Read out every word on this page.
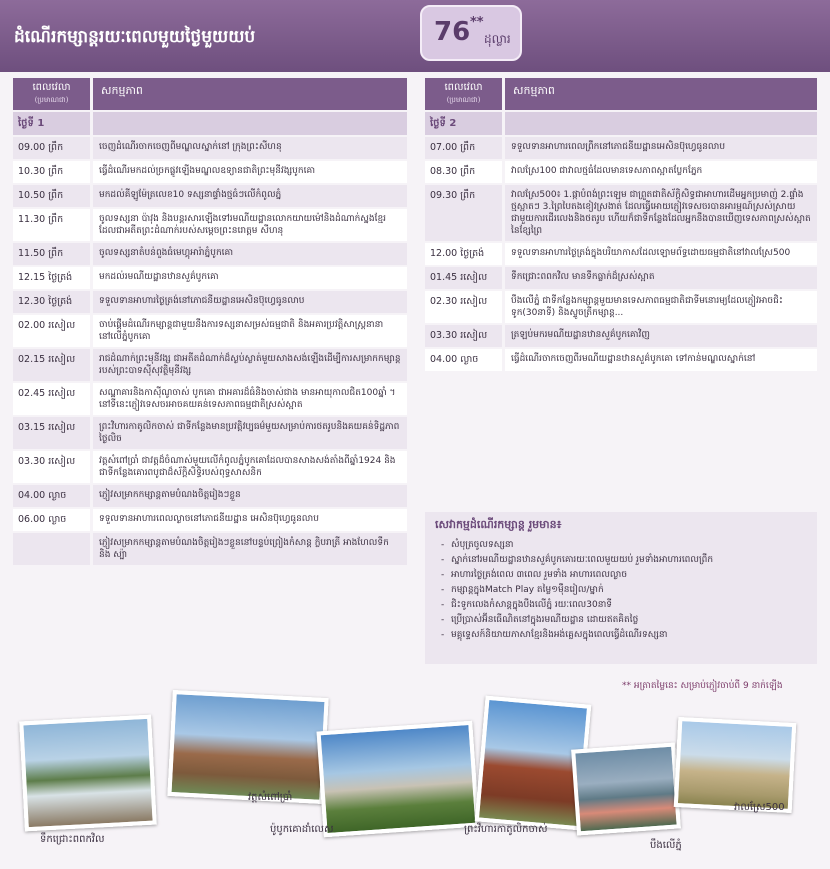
ដំណើរកម្សាន្តរយៈពេលមួយថ្ងៃមួយយប់	76 **
ដុល្លារ
ពេលវេលា
(ប្រមាណជា)
សកម្មភាព
ថ្ងៃទី 1
09.00 ព្រឹក	ចេញដំណើរចាកចេញពីមណ្ឌលស្នាក់នៅ ក្រុងព្រះសីហនុ
10.30 ព្រឹក	ធ្វើដំណើរមកដល់ច្រកផ្លូវឡើងមណ្ឌលឧទ្យានជាតិព្រះមុនីវង្សបូកគោ
10.50 ព្រឹក	មកដល់គីឡូម៉ែត្រលេខ10 ទស្សនាផ្ទាំងថ្មធំៗលើកំពូលភ្នំ
11.30 ព្រឹក	ចូលទស្សនា ប៉ាវុង និងបន្តរសារឡើងទៅរមណីយដ្ឋានលោកយាយម៉ៅនិងដំណាក់ស្នងខ្មែរដែលជាអតីតព្រះដំណាក់របស់សម្តេចព្រះនរោត្តម សីហនុ
11.50 ព្រឹក	ចូលទស្សនាតំបន់ពួងធំមេហ្គុអារ៉ាភ្នំបូកគោ
12.15 ថ្ងៃត្រង់	មកដល់រមណីយដ្ឋានឋានសួគ៌បូកគោ
12.30 ថ្ងៃត្រង់	ទទួលទានអាហារថ្ងៃត្រង់នៅភោជនីយដ្ឋានអេសិនប៊ុហ្វេធូនលាប
02.00 រសៀល	ចាប់ផ្តើមដំណើរកម្សាន្តជាមួយនឹងការទស្សនាសម្រស់ធម្មជាតិ និងអគារប្រវត្តិសាស្ត្រនានានៅលើភ្នំបូកគោ
02.15 រសៀល	រាជដំណាក់ព្រះមុនីវង្ស ជាអតីតដំណាក់ដ៏ស្ងប់ស្ងាត់មួយសាងសង់ឡើងដើម្បីការសម្រាកកម្សាន្តរបស់ព្រះបាទស៊ីសុវត្ថិមុនីវង្ស
02.45 រសៀល	សណ្ឋាគារនិងកាស៊ីណូចាស់ បូកគោ ជាអគារដ៏ធំនិងចាស់ជាង មានអាយុកាលជិត100ឆ្នាំ ។ នៅទីនេះភ្ញៀវទេសចរអាចគយគន់ទេសភាពធម្មជាតិស្រស់ស្អាត
03.15 រសៀល	ព្រះវិហារកាតូលិកចាស់ ជាទីកន្លែងមានប្រវត្តិវប្បធម៌មួយសម្រាប់ការថតរូបនិងគយគន់ទិដ្ឋភាពថ្ងៃលិច
03.30 រសៀល	វត្តសំពៅប្រាំ ជាវត្តដ៏ចំណាស់មួយលើកំពូលភ្នំបូកគោដែលបានសាងសង់តាំងពីឆ្នាំ1924 និងជាទីកន្លែងគោរពបូជាដ៏ស័ក្តិសិទ្ធិរបស់ពុទ្ធសាសនិក
04.00 ល្ងាច	ភ្ញៀវសម្រាកកម្សាន្តតាមបំណងចិត្តរៀងៗខ្លួន
06.00 ល្ងាច	ទទួលទានអាហារពេលល្ងាចនៅភោជនីយដ្ឋាន អេសិនប៊ុហ្វេធូនលាប
ភ្ញៀវសម្រាកកម្សាន្តតាមបំណងចិត្តរៀងៗខ្លួននៅបន្ទប់ព្រៀងកំសាន្ត ក្លិបរាត្រី អាងហែលទឹក និង ស្ប៉ា
ពេលវេលា
(ប្រមាណជា)
សកម្មភាព
ថ្ងៃទី 2
07.00 ព្រឹក	ទទួលទានអាហារពេលព្រឹកនៅភោជនីយដ្ឋានអេសិនប៊ុហ្វេធូនលាប
08.30 ព្រឹក	វាលស្រែ100 ជាវាលថ្មធំដែលមានទេសភាពស្អាតប្លែកភ្នែក
09.30 ព្រឹក	វាលស្រែ500៖ 1.ផ្កាបំពង់ព្រះឡេម ជាព្រួតជាតិស័ក្តិសិទ្ធជាអាហារដើមអ្នកប្រមាញ់ 2.ផ្ទាំងថ្មស្អាតៗ 3.ព្រៃបៃតងខៀវស្រងាត់ ដែលធ្វើអោយភ្ញៀវទេសចរបានអារម្មណ៍ស្រស់ស្រាយជាមួយការដើរលេងនិងថតរូប ហើយក៏ជាទីកន្លែងដែលអ្នកនឹងបានឃើញទេសភាពស្រស់ស្អាតនៃខ្សែព្រៃ
12.00 ថ្ងៃត្រង់	ទទួលទានអាហារថ្ងៃត្រង់ក្នុងបរិយាកាសដែលឡោមព័ទ្ធដោយធម្មជាតិនៅវាលស្រែ500
01.45 រសៀល	ទឹកជ្រោះពពកវិល មានទឹកធ្លាក់ដ៏ស្រស់ស្អាត
02.30 រសៀល	បឹងលើភ្នំ ជាទីកន្លែងកម្សាន្តមួយមានទេសភាពធម្មជាតិជាទីមនោរម្យដែលភ្ញៀវអាចជិះទូក(30នាទី) និងស្ទូចត្រីកម្សាន្ត...
03.30 រសៀល	ត្រឡប់មករមណីយដ្ឋានឋានសួគ៌បូកគោវិញ
04.00 ល្ងាច	ធ្វើដំណើរចាកចេញពីរមណីយដ្ឋានឋានសួគ៌បូកគោ ទៅកាន់មណ្ឌលស្នាក់នៅ
សេវាកម្មដំណើរកម្សាន្ត រួមមាន៖
- សំបុត្រចូលទស្សនា
- ស្នាក់នៅរមណីយដ្ឋានឋានសួគ៌បូកគោរយៈពេលមួយយប់ រួមទាំងអាហារពេលព្រឹក
- អាហារថ្ងៃត្រង់ពេល ៣ពេល រួមទាំង អាហារពេលល្ងាច
- កម្សាន្តក្នុងMatch Play តម្លៃ១ម៉ឺនរៀល/ម្នាក់
- ជិះទូកលេងកំសាន្តក្នុងបឹងលើភ្នំ រយៈពេល30នាទី
- ប្រើប្រាស់អ៊ីនធើណិតនៅក្នុងរមណីយដ្ឋាន ដោយឥតគិតថ្លៃ
- មគ្គុទ្ទេសក៍និយាយភាសាខ្មែរនិងអង់គ្លេសក្នុងពេលធ្វើដំណើរទស្សនា
** អត្រាតម្លៃនេះ សម្រាប់ភ្ញៀវចាប់ពី 9 នាក់ឡើង
ទឹកជ្រោះពពកវិល
វត្តសំពៅប្រាំ
ប៉ូបូកគោដាំលេស	ព្រះវិហារកាតូលិកចាស់
បឹងលើភ្នំ
វាលស្រែ500
